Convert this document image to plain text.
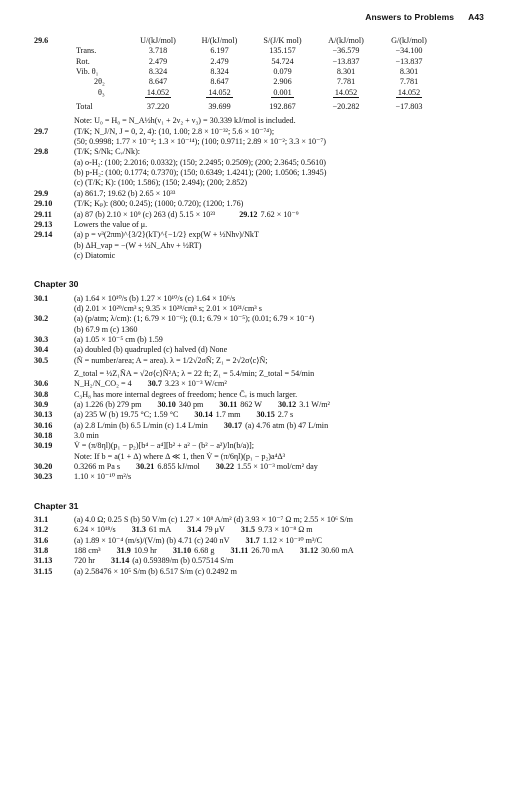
Answers to Problems A43
29.6		U/(kJ/mol)	H/(kJ/mol)	S/(J/K mol)	A/(kJ/mol)	G/(kJ/mol)
	Trans.	3.718	6.197	135.157	−36.579	−34.100
	Rot.	2.479	2.479	54.724	−13.837	−13.837
	Vib. θ₁	8.324	8.324	0.079	8.301	8.301
	2θ₂	8.647	8.647	2.906	7.781	7.781
	θ₃	14.052	14.052	0.001	14.052	14.052
	Total	37.220	39.699	192.867	−20.282	−17.803
Note: U₀ = H₀ = N_A½h(ν₁ + 2ν₂ + ν₃) = 30.339 kJ/mol is included.
29.7	(T/K; N_J/N, J = 0, 2, 4): (10, 1.00; 2.8 × 10⁻³²; 5.6 × 10⁻⁷⁴);
(50; 0.9998; 1.77 × 10⁻⁴; 1.3 × 10⁻¹⁴); (100; 0.9711; 2.89 × 10⁻²; 3.3 × 10⁻⁷)
29.8	(T/K; S/Nk; Cᵥ/Nk):
(a) o-H₂: (100; 2.2016; 0.0332); (150; 2.2495; 0.2509); (200; 2.3645; 0.5610)
(b) p-H₂: (100; 0.1774; 0.7370); (150; 0.6349; 1.4241); (200; 1.0506; 1.3945)
(c) (T/K; K): (100; 1.586); (150; 2.494); (200; 2.852)
29.9	(a) 861.7; 19.62 (b) 2.65 × 10³³
29.10	(T/K; Kₚ): (800; 0.245); (1000; 0.720); (1200; 1.76)
29.11	(a) 87 (b) 2.10 × 10⁹ (c) 263 (d) 5.15 × 10²³	29.12 7.62 × 10⁻⁹
29.13	Lowers the value of μ.
29.14	(a) p = ν³(2πm)^{3/2}(kT)^{−1/2} exp(W + ½Nhν)/NkT
(b) ΔH_vap = −(W + ½N_Ahν + ½RT)
(c) Diatomic
Chapter 30
30.1	(a) 1.64 × 10¹⁰/s (b) 1.27 × 10¹⁰/s (c) 1.64 × 10⁶/s
(d) 2.01 × 10²⁹/cm³ s; 9.35 × 10²⁸/cm³ s; 2.01 × 10²¹/cm³ s
30.2	(a) (p/atm; λ/cm): (1; 6.79 × 10⁻⁶); (0.1; 6.79 × 10⁻⁵); (0.01; 6.79 × 10⁻⁴)
(b) 67.9 m (c) 1360
30.3	(a) 1.05 × 10⁻⁵ cm (b) 1.59
30.4	(a) doubled (b) quadrupled (c) halved (d) None
30.5	(Ñ = number/area; A = area). λ = 1/2√2σÑ; Z₁ = 2√2σ⟨c⟩Ñ;
Z_total = ½Z₁ÑA = √2σ⟨c⟩Ñ²A; λ = 22 ft; Z₁ = 5.4/min; Z_total = 54/min
30.6	N_H₂/N_CO₂ = 4 30.7 3.23 × 10⁻³ W/cm²
30.8	C₃H₈ has more internal degrees of freedom; hence C̄ᵥ is much larger.
30.9	(a) 1.226 (b) 279 pm 30.10 340 pm 30.11 862 W 30.12 3.1 W/m²
30.13	(a) 235 W (b) 19.75 °C; 1.59 °C 30.14 1.7 mm 30.15 2.7 s
30.16	(a) 2.8 L/min (b) 6.5 L/min (c) 1.4 L/min 30.17 (a) 4.76 atm (b) 47 L/min
30.18	3.0 min
30.19	V̇ = (π/8ηl)(p₁ − p₂)[b⁴ − a⁴][b² + a² − (b² − a²)/ln(b/a)];
Note: If b = a(1 + Δ) where Δ ≪ 1, then V̇ = (π/6ηl)(p₁ − p₂)a⁴Δ³
30.20	0.3266 m Pa s 30.21 6.855 kJ/mol 30.22 1.55 × 10⁻³ mol/cm² day
30.23	1.10 × 10⁻¹⁰ m²/s
Chapter 31
31.1	(a) 4.0 Ω; 0.25 S (b) 50 V/m (c) 1.27 × 10⁸ A/m² (d) 3.93 × 10⁻⁷ Ω m; 2.55 × 10⁶ S/m
31.2	6.24 × 10¹⁸/s 31.3 61 mA 31.4 79 μV 31.5 9.73 × 10⁻⁸ Ω m
31.6	(a) 1.89 × 10⁻⁴ (m/s)/(V/m) (b) 4.71 (c) 240 nV 31.7 1.12 × 10⁻¹⁰ m³/C
31.8	188 cm³ 31.9 10.9 hr 31.10 6.68 g 31.11 26.70 mA 31.12 30.60 mA
31.13	720 hr 31.14 (a) 0.59389/m (b) 0.57514 S/m
31.15	(a) 2.58476 × 10⁵ S/m (b) 6.517 S/m (c) 0.2492 m
